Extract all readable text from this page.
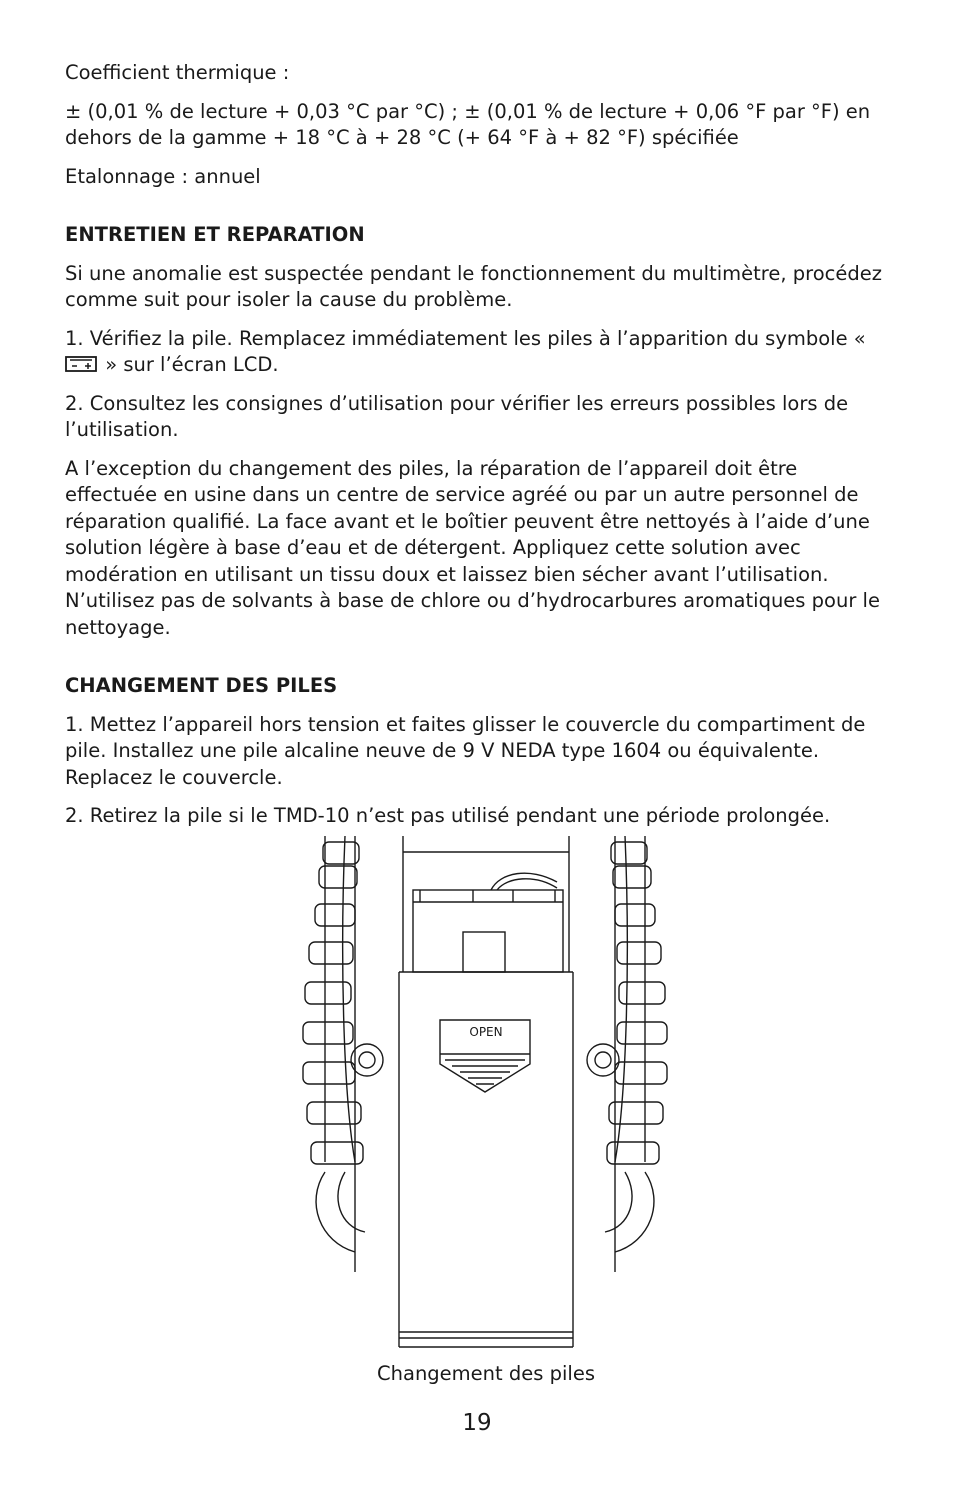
Coefficient thermique :

± (0,01 % de lecture + 0,03 °C par °C) ; ± (0,01 % de lecture + 0,06 °F par °F) en dehors de la gamme + 18 °C à + 28 °C (+ 64 °F à + 82 °F) spécifiée

Etalonnage : annuel

ENTRETIEN ET REPARATION

Si une anomalie est suspectée pendant le fonctionnement du multimètre, procédez comme suit pour isoler la cause du problème.

1. Vérifiez la pile. Remplacez immédiatement les piles à l’apparition du symbole «  » sur l’écran LCD.

2. Consultez les consignes d’utilisation pour vérifier les erreurs possibles lors de l’utilisation.

A l’exception du changement des piles, la réparation de l’appareil doit être effectuée en usine dans un centre de service agréé ou par un autre personnel de réparation qualifié. La face avant et le boîtier peuvent être nettoyés à l’aide d’une solution légère à base d’eau et de détergent. Appliquez cette solution avec modération en utilisant un tissu doux et laissez bien sécher avant l’utilisation. N’utilisez pas de solvants à base de chlore ou d’hydrocarbures aromatiques pour le nettoyage.

CHANGEMENT DES PILES

1. Mettez l’appareil hors tension et faites glisser le couvercle du compartiment de pile. Installez une pile alcaline neuve de 9 V NEDA type 1604 ou équivalente. Replacez le couvercle.

2. Retirez la pile si le TMD-10 n’est pas utilisé pendant une période prolongée.

OPEN
Changement des piles
19
